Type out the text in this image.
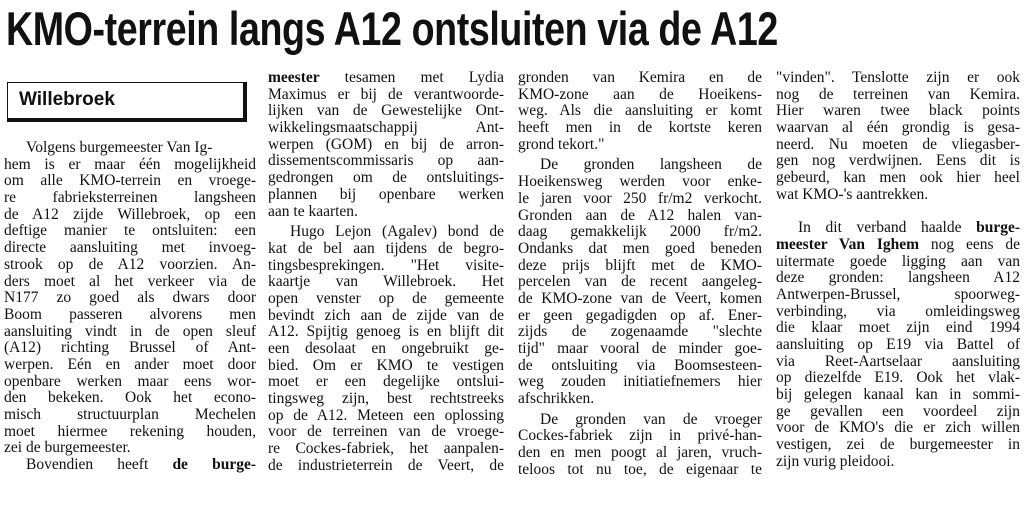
KMO-terrein langs A12 ontsluiten via de A12
Willebroek
Volgens burgemeester Van Ig-
hem is er maar één mogelijkheid
om alle KMO-terrein en vroege-
re fabrieksterreinen langsheen
de A12 zijde Willebroek, op een
deftige manier te ontsluiten: een
directe aansluiting met invoeg-
strook op de A12 voorzien. An-
ders moet al het verkeer via de
N177 zo goed als dwars door
Boom passeren alvorens men
aansluiting vindt in de open sleuf
(A12) richting Brussel of Ant-
werpen. Eén en ander moet door
openbare werken maar eens wor-
den bekeken. Ook het econo-
misch structuurplan Mechelen
moet hiermee rekening houden,
zei de burgemeester.
Bovendien heeft de burge-
meester tesamen met Lydia
Maximus er bij de verantwoorde-
lijken van de Gewestelijke Ont-
wikkelingsmaatschappij Ant-
werpen (GOM) en bij de arron-
dissementscommissaris op aan-
gedrongen om de ontsluitings-
plannen bij openbare werken
aan te kaarten.
Hugo Lejon (Agalev) bond de
kat de bel aan tijdens de begro-
tingsbesprekingen. "Het visite-
kaartje van Willebroek. Het
open venster op de gemeente
bevindt zich aan de zijde van de
A12. Spijtig genoeg is en blijft dit
een desolaat en ongebruikt ge-
bied. Om er KMO te vestigen
moet er een degelijke ontslui-
tingsweg zijn, best rechtstreeks
op de A12. Meteen een oplossing
voor de terreinen van de vroege-
re Cockes-fabriek, het aanpalen-
de industrieterrein de Veert, de
gronden van Kemira en de
KMO-zone aan de Hoeikens-
weg. Als die aansluiting er komt
heeft men in de kortste keren
grond tekort."
De gronden langsheen de
Hoeikensweg werden voor enke-
le jaren voor 250 fr/m2 verkocht.
Gronden aan de A12 halen van-
daag gemakkelijk 2000 fr/m2.
Ondanks dat men goed beneden
deze prijs blijft met de KMO-
percelen van de recent aangeleg-
de KMO-zone van de Veert, komen
er geen gegadigden op af. Ener-
zijds de zogenaamde "slechte
tijd" maar vooral de minder goe-
de ontsluiting via Boomsesteen-
weg zouden initiatiefnemers hier
afschrikken.
De gronden van de vroeger
Cockes-fabriek zijn in privé-han-
den en men poogt al jaren, vruch-
teloos tot nu toe, de eigenaar te
"vinden". Tenslotte zijn er ook
nog de terreinen van Kemira.
Hier waren twee black points
waarvan al één grondig is gesa-
neerd. Nu moeten de vliegasber-
gen nog verdwijnen. Eens dit is
gebeurd, kan men ook hier heel
wat KMO-'s aantrekken.
In dit verband haalde burge-
meester Van Ighem nog eens de
uitermate goede ligging aan van
deze gronden: langsheen A12
Antwerpen-Brussel, spoorweg-
verbinding, via omleidingsweg
die klaar moet zijn eind 1994
aansluiting op E19 via Battel of
via Reet-Aartselaar aansluiting
op diezelfde E19. Ook het vlak-
bij gelegen kanaal kan in sommi-
ge gevallen een voordeel zijn
voor de KMO's die er zich willen
vestigen, zei de burgemeester in
zijn vurig pleidooi.
